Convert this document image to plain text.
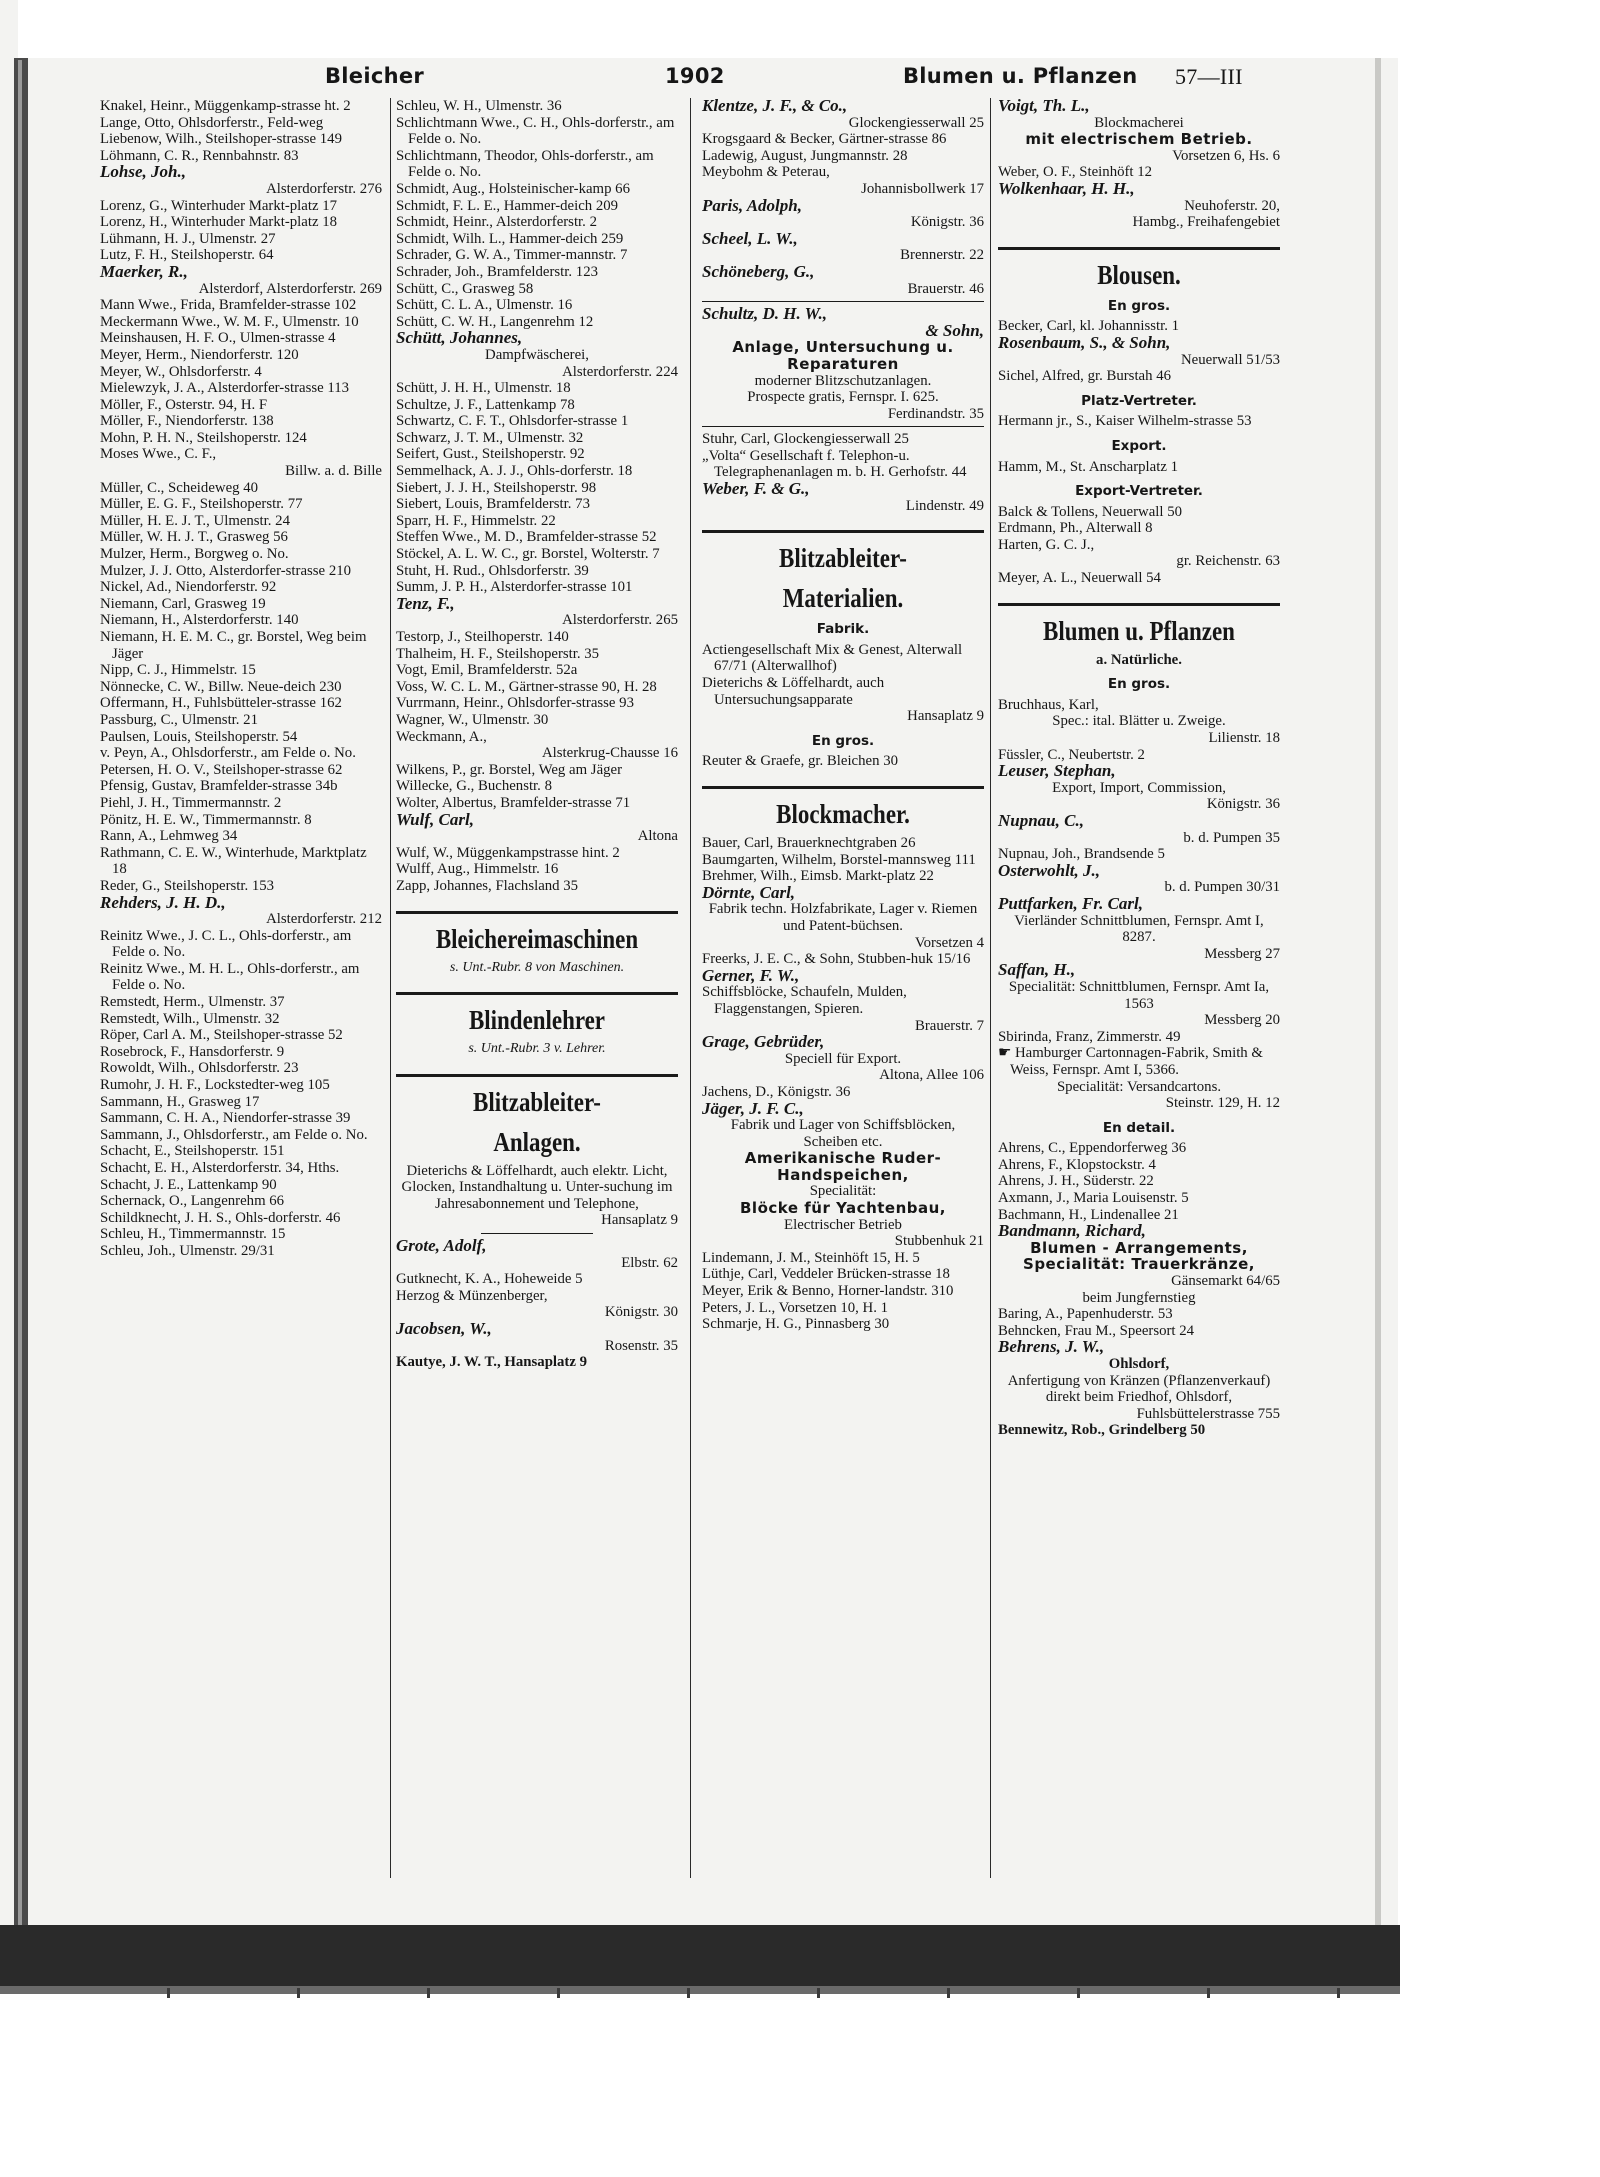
Bleicher	1902	Blumen u. Pflanzen 57—III
Knakel, Heinr., Müggenkamp-strasse ht. 2
Lange, Otto, Ohlsdorferstr., Feld-weg
Liebenow, Wilh., Steilshoper-strasse 149
Löhmann, C. R., Rennbahnstr. 83
Lohse, Joh.,
Alsterdorferstr. 276
Lorenz, G., Winterhuder Markt-platz 17
Lorenz, H., Winterhuder Markt-platz 18
Lühmann, H. J., Ulmenstr. 27
Lutz, F. H., Steilshoperstr. 64
Maerker, R.,
Alsterdorf, Alsterdorferstr. 269
Mann Wwe., Frida, Bramfelder-strasse 102
Meckermann Wwe., W. M. F., Ulmenstr. 10
Meinshausen, H. F. O., Ulmen-strasse 4
Meyer, Herm., Niendorferstr. 120
Meyer, W., Ohlsdorferstr. 4
Mielewzyk, J. A., Alsterdorfer-strasse 113
Möller, F., Osterstr. 94, H. F
Möller, F., Niendorferstr. 138
Mohn, P. H. N., Steilshoperstr. 124
Moses Wwe., C. F.,
Billw. a. d. Bille
Müller, C., Scheideweg 40
Müller, E. G. F., Steilshoperstr. 77
Müller, H. E. J. T., Ulmenstr. 24
Müller, W. H. J. T., Grasweg 56
Mulzer, Herm., Borgweg o. No.
Mulzer, J. J. Otto, Alsterdorfer-strasse 210
Nickel, Ad., Niendorferstr. 92
Niemann, Carl, Grasweg 19
Niemann, H., Alsterdorferstr. 140
Niemann, H. E. M. C., gr. Borstel, Weg beim Jäger
Nipp, C. J., Himmelstr. 15
Nönnecke, C. W., Billw. Neue-deich 230
Offermann, H., Fuhlsbütteler-strasse 162
Passburg, C., Ulmenstr. 21
Paulsen, Louis, Steilshoperstr. 54
v. Peyn, A., Ohlsdorferstr., am Felde o. No.
Petersen, H. O. V., Steilshoper-strasse 62
Pfensig, Gustav, Bramfelder-strasse 34b
Piehl, J. H., Timmermannstr. 2
Pönitz, H. E. W., Timmermannstr. 8
Rann, A., Lehmweg 34
Rathmann, C. E. W., Winterhude, Marktplatz 18
Reder, G., Steilshoperstr. 153
Rehders, J. H. D.,
Alsterdorferstr. 212
Reinitz Wwe., J. C. L., Ohls-dorferstr., am Felde o. No.
Reinitz Wwe., M. H. L., Ohls-dorferstr., am Felde o. No.
Remstedt, Herm., Ulmenstr. 37
Remstedt, Wilh., Ulmenstr. 32
Röper, Carl A. M., Steilshoper-strasse 52
Rosebrock, F., Hansdorferstr. 9
Rowoldt, Wilh., Ohlsdorferstr. 23
Rumohr, J. H. F., Lockstedter-weg 105
Sammann, H., Grasweg 17
Sammann, C. H. A., Niendorfer-strasse 39
Sammann, J., Ohlsdorferstr., am Felde o. No.
Schacht, E., Steilshoperstr. 151
Schacht, E. H., Alsterdorferstr. 34, Hths.
Schacht, J. E., Lattenkamp 90
Schernack, O., Langenrehm 66
Schildknecht, J. H. S., Ohls-dorferstr. 46
Schleu, H., Timmermannstr. 15
Schleu, Joh., Ulmenstr. 29/31
Schleu, W. H., Ulmenstr. 36
Schlichtmann Wwe., C. H., Ohls-dorferstr., am Felde o. No.
Schlichtmann, Theodor, Ohls-dorferstr., am Felde o. No.
Schmidt, Aug., Holsteinischer-kamp 66
Schmidt, F. L. E., Hammer-deich 209
Schmidt, Heinr., Alsterdorferstr. 2
Schmidt, Wilh. L., Hammer-deich 259
Schrader, G. W. A., Timmer-mannstr. 7
Schrader, Joh., Bramfelderstr. 123
Schütt, C., Grasweg 58
Schütt, C. L. A., Ulmenstr. 16
Schütt, C. W. H., Langenrehm 12
Schütt, Johannes,
Dampfwäscherei,
Alsterdorferstr. 224
Schütt, J. H. H., Ulmenstr. 18
Schultze, J. F., Lattenkamp 78
Schwartz, C. F. T., Ohlsdorfer-strasse 1
Schwarz, J. T. M., Ulmenstr. 32
Seifert, Gust., Steilshoperstr. 92
Semmelhack, A. J. J., Ohls-dorferstr. 18
Siebert, J. J. H., Steilshoperstr. 98
Siebert, Louis, Bramfelderstr. 73
Sparr, H. F., Himmelstr. 22
Steffen Wwe., M. D., Bramfelder-strasse 52
Stöckel, A. L. W. C., gr. Borstel, Wolterstr. 7
Stuht, H. Rud., Ohlsdorferstr. 39
Summ, J. P. H., Alsterdorfer-strasse 101
Tenz, F.,
Alsterdorferstr. 265
Testorp, J., Steilhoperstr. 140
Thalheim, H. F., Steilshoperstr. 35
Vogt, Emil, Bramfelderstr. 52a
Voss, W. C. L. M., Gärtner-strasse 90, H. 28
Vurrmann, Heinr., Ohlsdorfer-strasse 93
Wagner, W., Ulmenstr. 30
Weckmann, A.,
Alsterkrug-Chausse 16
Wilkens, P., gr. Borstel, Weg am Jäger
Willecke, G., Buchenstr. 8
Wolter, Albertus, Bramfelder-strasse 71
Wulf, Carl,
Altona
Wulf, W., Müggenkampstrasse hint. 2
Wulff, Aug., Himmelstr. 16
Zapp, Johannes, Flachsland 35
Bleichereimaschinen
s. Unt.-Rubr. 8 von Maschinen.
Blindenlehrer
s. Unt.-Rubr. 3 v. Lehrer.
Blitzableiter-
Anlagen.
Dieterichs & Löffelhardt, auch elektr. Licht, Glocken, Instandhaltung u. Unter-suchung im Jahresabonnement und Telephone,
Hansaplatz 9
Grote, Adolf,
Elbstr. 62
Gutknecht, K. A., Hoheweide 5
Herzog & Münzenberger,
Königstr. 30
Jacobsen, W.,
Rosenstr. 35
Kautye, J. W. T., Hansaplatz 9
Klentze, J. F., & Co.,
Glockengiesserwall 25
Krogsgaard & Becker, Gärtner-strasse 86
Ladewig, August, Jungmannstr. 28
Meybohm & Peterau,
Johannisbollwerk 17
Paris, Adolph,
Königstr. 36
Scheel, L. W.,
Brennerstr. 22
Schöneberg, G.,
Brauerstr. 46
Schultz, D. H. W.,
& Sohn,
Anlage, Untersuchung u. Reparaturen
moderner Blitzschutzanlagen.
Prospecte gratis, Fernspr. I. 625.
Ferdinandstr. 35
Stuhr, Carl, Glockengiesserwall 25
„Volta“ Gesellschaft f. Telephon-u. Telegraphenanlagen m. b. H. Gerhofstr. 44
Weber, F. & G.,
Lindenstr. 49
Blitzableiter-
Materialien.
Fabrik.
Actiengesellschaft Mix & Genest, Alterwall 67/71 (Alterwallhof)
Dieterichs & Löffelhardt, auch Untersuchungsapparate
Hansaplatz 9
En gros.
Reuter & Graefe, gr. Bleichen 30
Blockmacher.
Bauer, Carl, Brauerknechtgraben 26
Baumgarten, Wilhelm, Borstel-mannsweg 111
Brehmer, Wilh., Eimsb. Markt-platz 22
Dörnte, Carl,
Fabrik techn. Holzfabrikate, Lager v. Riemen und Patent-büchsen.
Vorsetzen 4
Freerks, J. E. C., & Sohn, Stubben-huk 15/16
Gerner, F. W.,
Schiffsblöcke, Schaufeln, Mulden, Flaggenstangen, Spieren.
Brauerstr. 7
Grage, Gebrüder,
Speciell für Export.
Altona, Allee 106
Jachens, D., Königstr. 36
Jäger, J. F. C.,
Fabrik und Lager von Schiffsblöcken, Scheiben etc.
Amerikanische Ruder-Handspeichen,
Specialität:
Blöcke für Yachtenbau,
Electrischer Betrieb
Stubbenhuk 21
Lindemann, J. M., Steinhöft 15, H. 5
Lüthje, Carl, Veddeler Brücken-strasse 18
Meyer, Erik & Benno, Horner-landstr. 310
Peters, J. L., Vorsetzen 10, H. 1
Schmarje, H. G., Pinnasberg 30
Voigt, Th. L.,
Blockmacherei
mit electrischem Betrieb.
Vorsetzen 6, Hs. 6
Weber, O. F., Steinhöft 12
Wolkenhaar, H. H.,
Neuhoferstr. 20,
Hambg., Freihafengebiet
Blousen.
En gros.
Becker, Carl, kl. Johannisstr. 1
Rosenbaum, S., & Sohn,
Neuerwall 51/53
Sichel, Alfred, gr. Burstah 46
Platz-Vertreter.
Hermann jr., S., Kaiser Wilhelm-strasse 53
Export.
Hamm, M., St. Anscharplatz 1
Export-Vertreter.
Balck & Tollens, Neuerwall 50
Erdmann, Ph., Alterwall 8
Harten, G. C. J.,
gr. Reichenstr. 63
Meyer, A. L., Neuerwall 54
Blumen u. Pflanzen
a. Natürliche.
En gros.
Bruchhaus, Karl,
Spec.: ital. Blätter u. Zweige.
Lilienstr. 18
Füssler, C., Neubertstr. 2
Leuser, Stephan,
Export, Import, Commission,
Königstr. 36
Nupnau, C.,
b. d. Pumpen 35
Nupnau, Joh., Brandsende 5
Osterwohlt, J.,
b. d. Pumpen 30/31
Puttfarken, Fr. Carl,
Vierländer Schnittblumen, Fernspr. Amt I, 8287.
Messberg 27
Saffan, H.,
Specialität: Schnittblumen, Fernspr. Amt Ia, 1563
Messberg 20
Sbirinda, Franz, Zimmerstr. 49
☛ Hamburger Cartonnagen-Fabrik, Smith & Weiss, Fernspr. Amt I, 5366.
Specialität: Versandcartons.
Steinstr. 129, H. 12
En detail.
Ahrens, C., Eppendorferweg 36
Ahrens, F., Klopstockstr. 4
Ahrens, J. H., Süderstr. 22
Axmann, J., Maria Louisenstr. 5
Bachmann, H., Lindenallee 21
Bandmann, Richard,
Blumen - Arrangements, Specialität: Trauerkränze,
Gänsemarkt 64/65
beim Jungfernstieg
Baring, A., Papenhuderstr. 53
Behncken, Frau M., Speersort 24
Behrens, J. W.,
Ohlsdorf,
Anfertigung von Kränzen (Pflanzenverkauf) direkt beim Friedhof, Ohlsdorf,
Fuhlsbüttelerstrasse 755
Bennewitz, Rob., Grindelberg 50
